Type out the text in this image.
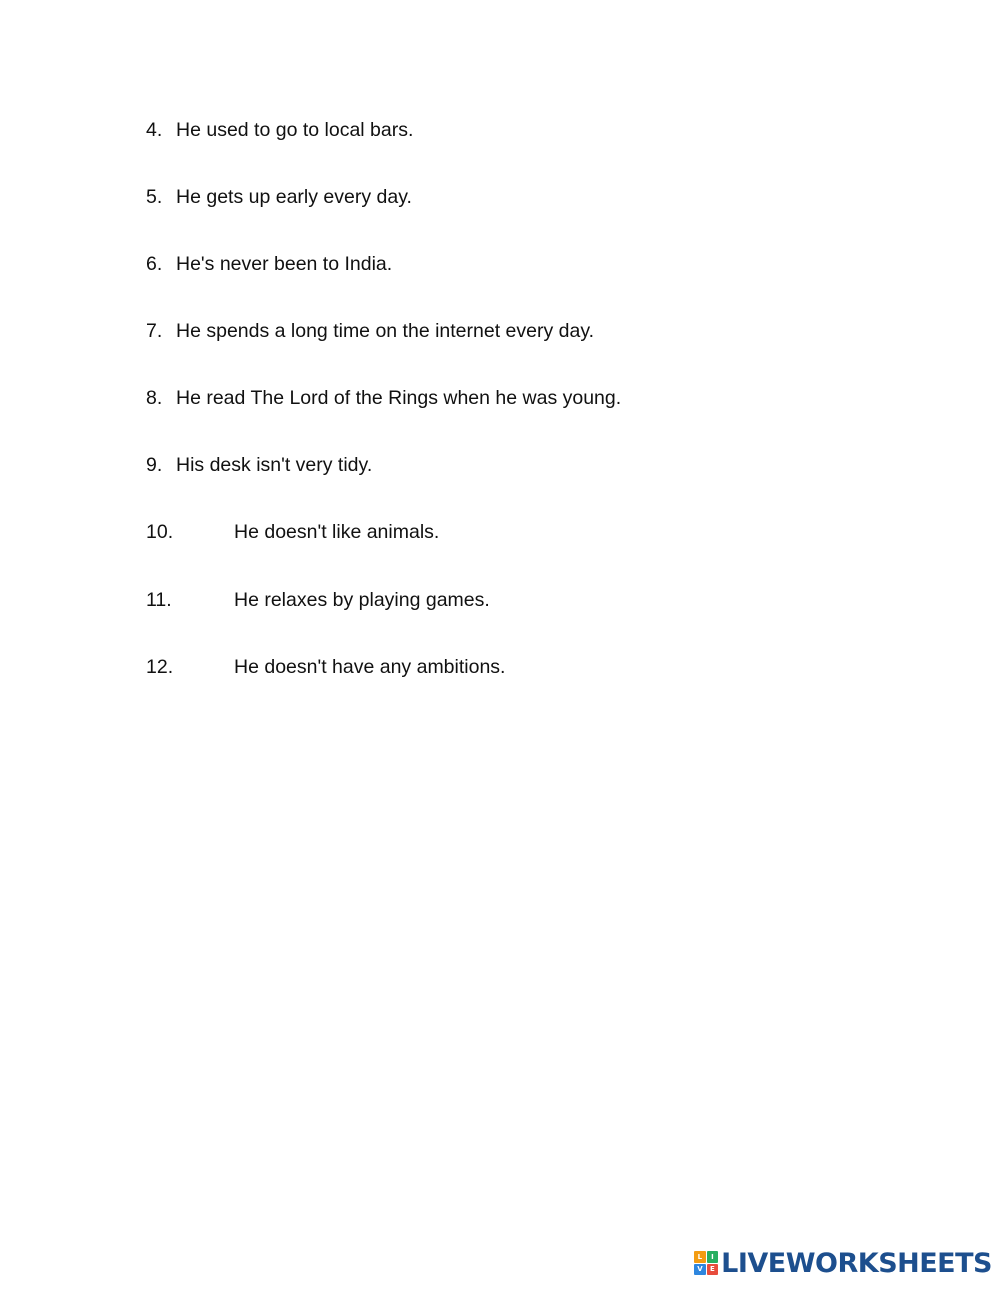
4. He used to go to local bars.
5. He gets up early every day.
6. He's never been to India.
7. He spends a long time on the internet every day.
8. He read The Lord of the Rings when he was young.
9. His desk isn't very tidy.
10.	He doesn't like animals.
11.	He relaxes by playing games.
12.	He doesn't have any ambitions.
L	I
V	E LIVEWORKSHEETS
